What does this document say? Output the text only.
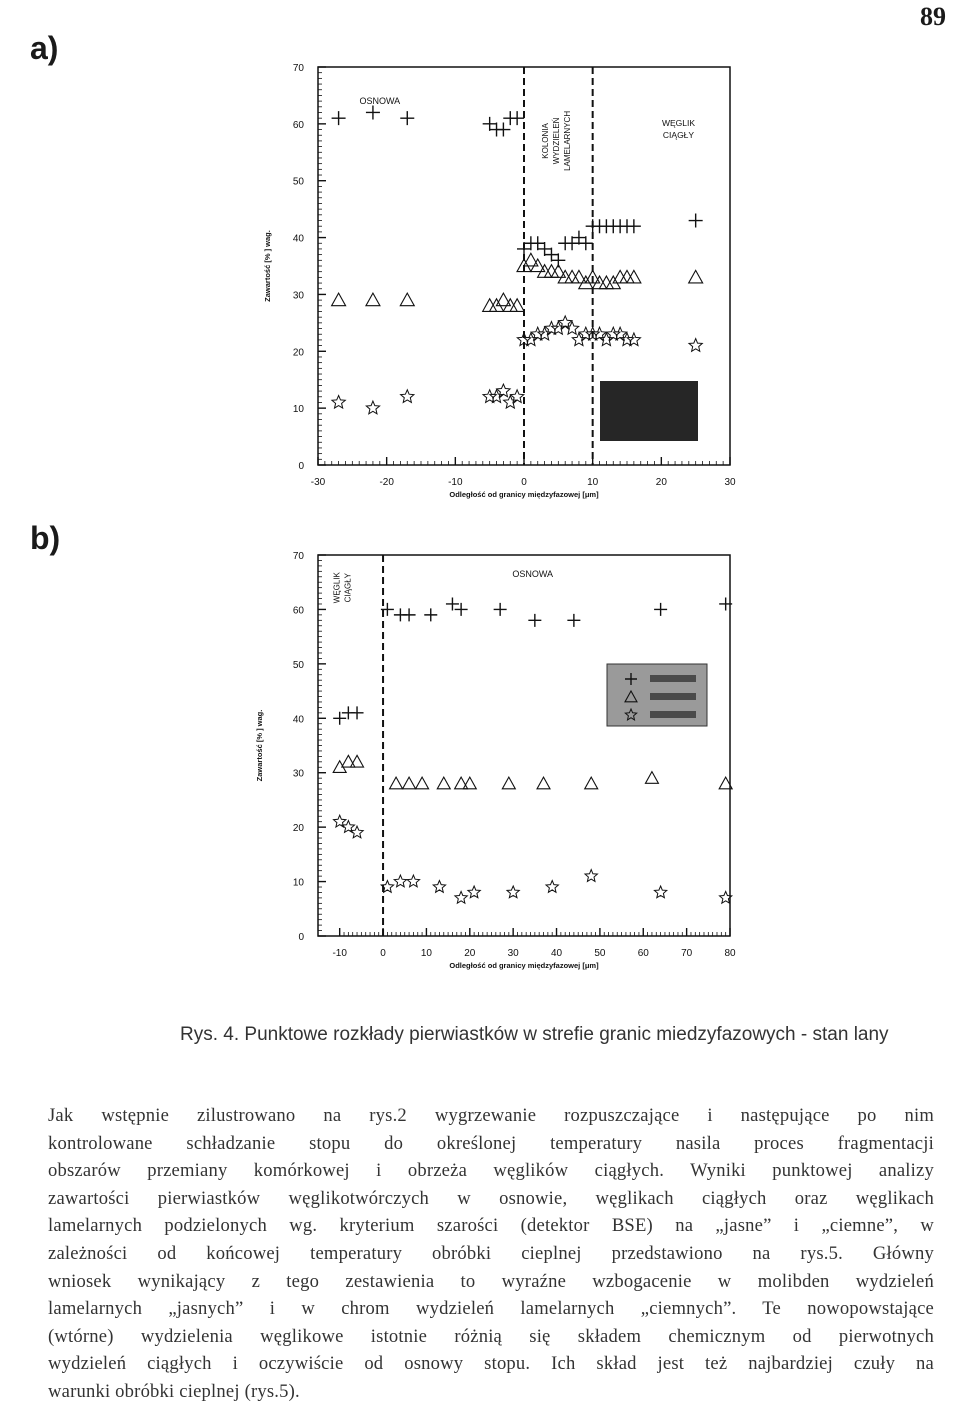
89
a)
b)
0
10
20
30
40
50
60
70
-30	-20	-10	0	10	20	30
Odległość od granicy międzyfazowej [μm]
Zawartość [% ] wag.
OSNOWA
KOLONIA WYDZIELEŃ LAMELARNYCH	WĘGLIK
CIĄGŁY
0
10
20
30
40
50
60
70
-10	0	10	20	30	40	50	60	70	80
Odległość od granicy międzyfazowej [μm]
Zawartość [% ] wag.
WĘGLIK CIĄGŁY	OSNOWA
Rys. 4. Punktowe rozkłady pierwiastków w strefie granic miedzyfazowych - stan lany
Jak wstępnie zilustrowano na rys.2 wygrzewanie rozpuszczające i następujące po nim
kontrolowane schładzanie stopu do określonej temperatury nasila proces fragmentacji
obszarów przemiany komórkowej i obrzeża węglików ciągłych. Wyniki punktowej analizy
zawartości pierwiastków węglikotwórczych w osnowie, węglikach ciągłych oraz węglikach
lamelarnych podzielonych wg. kryterium szarości (detektor BSE) na „jasne” i „ciemne”, w
zależności od końcowej temperatury obróbki cieplnej przedstawiono na rys.5. Główny
wniosek wynikający z tego zestawienia to wyraźne wzbogacenie w molibden wydzieleń
lamelarnych „jasnych” i w chrom wydzieleń lamelarnych „ciemnych”. Te nowopowstające
(wtórne) wydzielenia węglikowe istotnie różnią się składem chemicznym od pierwotnych
wydzieleń ciągłych i oczywiście od osnowy stopu. Ich skład jest też najbardziej czuły na
warunki obróbki cieplnej (rys.5).
